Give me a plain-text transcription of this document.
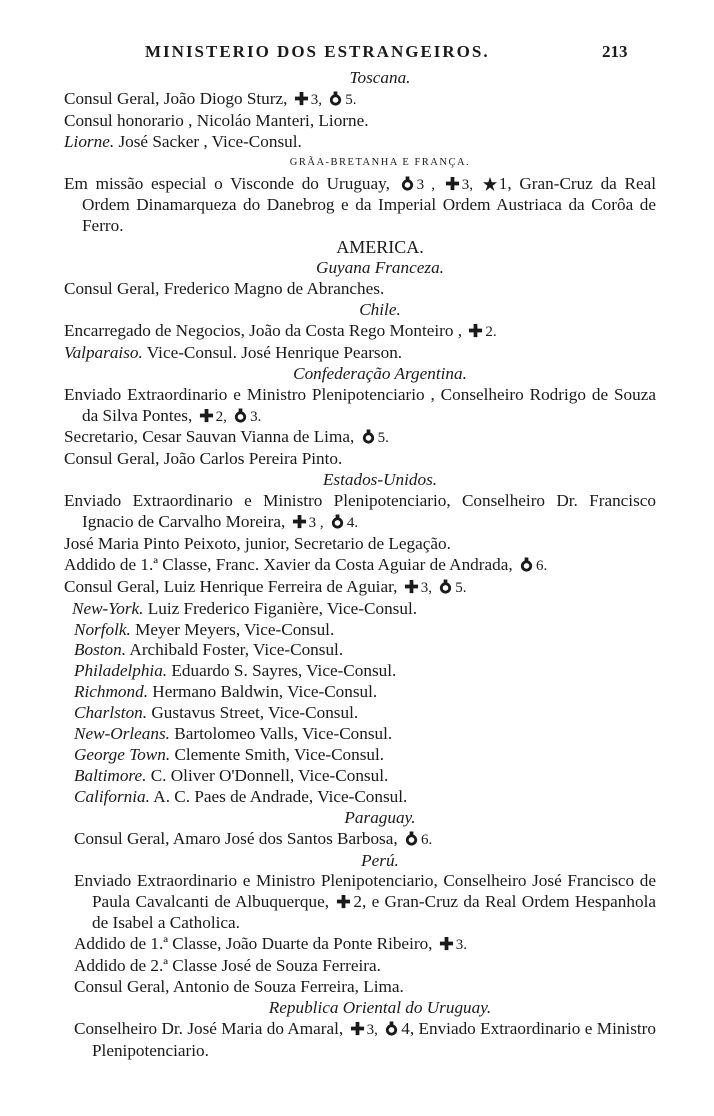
MINISTERIO DOS ESTRANGEIROS.	213
Toscana.
Consul Geral, João Diogo Sturz, 3, 5.
Consul honorario , Nicoláo Manteri, Liorne.
Liorne. José Sacker , Vice-Consul.
GRÃA-BRETANHA E FRANÇA.
Em missão especial o Visconde do Uruguay, 3 , 3, 1, Gran-Cruz da Real Ordem Dinamarqueza do Danebrog e da Imperial Ordem Austriaca da Corôa de Ferro.
AMERICA.
Guyana Franceza.
Consul Geral, Frederico Magno de Abranches.
Chile.
Encarregado de Negocios, João da Costa Rego Monteiro , 2.
Valparaiso. Vice-Consul. José Henrique Pearson.
Confederação Argentina.
Enviado Extraordinario e Ministro Plenipotenciario , Conselheiro Rodrigo de Souza da Silva Pontes, 2, 3.
Secretario, Cesar Sauvan Vianna de Lima, 5.
Consul Geral, João Carlos Pereira Pinto.
Estados-Unidos.
Enviado Extraordinario e Ministro Plenipotenciario, Conselheiro Dr. Francisco Ignacio de Carvalho Moreira, 3 , 4.
José Maria Pinto Peixoto, junior, Secretario de Legação.
Addido de 1.ª Classe, Franc. Xavier da Costa Aguiar de Andrada, 6.
Consul Geral, Luiz Henrique Ferreira de Aguiar, 3, 5.
New-York. Luiz Frederico Figanière, Vice-Consul.
Norfolk. Meyer Meyers, Vice-Consul.
Boston. Archibald Foster, Vice-Consul.
Philadelphia. Eduardo S. Sayres, Vice-Consul.
Richmond. Hermano Baldwin, Vice-Consul.
Charlston. Gustavus Street, Vice-Consul.
New-Orleans. Bartolomeo Valls, Vice-Consul.
George Town. Clemente Smith, Vice-Consul.
Baltimore. C. Oliver O'Donnell, Vice-Consul.
California. A. C. Paes de Andrade, Vice-Consul.
Paraguay.
Consul Geral, Amaro José dos Santos Barbosa, 6.
Perú.
Enviado Extraordinario e Ministro Plenipotenciario, Conselheiro José Francisco de Paula Cavalcanti de Albuquerque, 2, e Gran-Cruz da Real Ordem Hespanhola de Isabel a Catholica.
Addido de 1.ª Classe, João Duarte da Ponte Ribeiro, 3.
Addido de 2.ª Classe José de Souza Ferreira.
Consul Geral, Antonio de Souza Ferreira, Lima.
Republica Oriental do Uruguay.
Conselheiro Dr. José Maria do Amaral, 3, 4, Enviado Extraordinario e Ministro Plenipotenciario.
